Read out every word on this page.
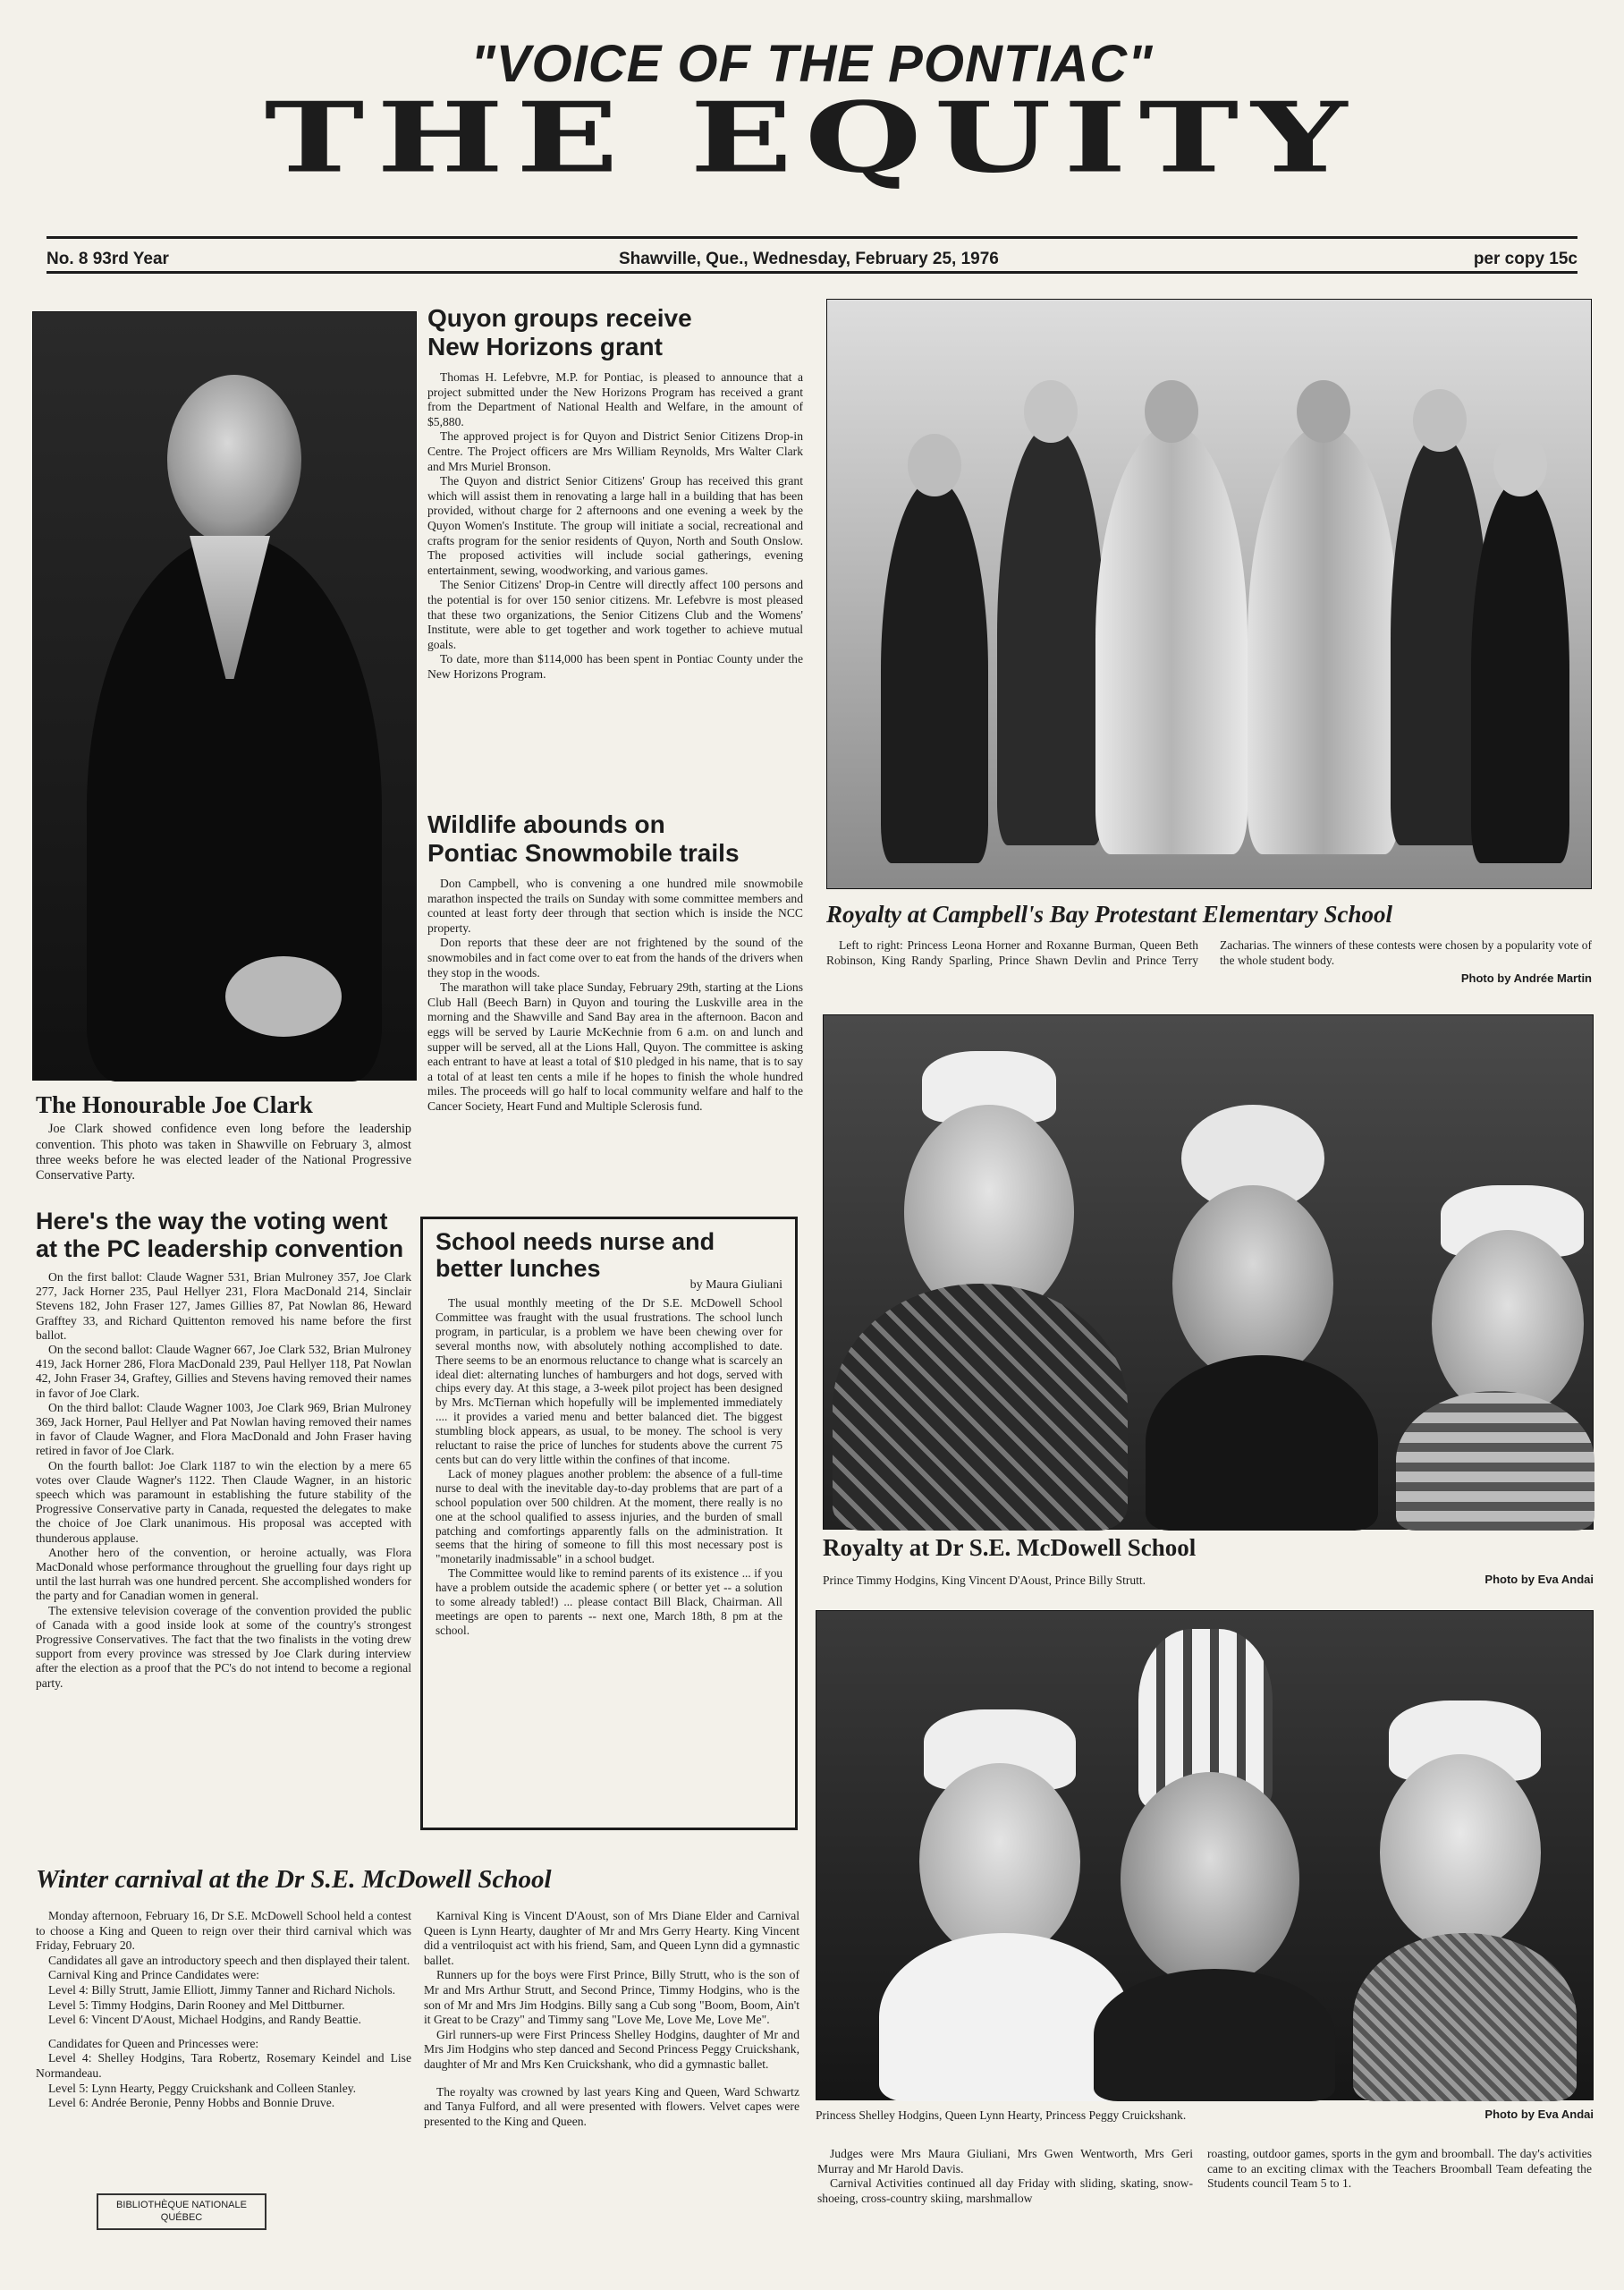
"VOICE OF THE PONTIAC"
THE EQUITY
No. 8 93rd Year	Shawville, Que., Wednesday, February 25, 1976	per copy 15c
The Honourable Joe Clark

Joe Clark showed confidence even long before the leadership convention. This photo was taken in Shawville on February 3, almost three weeks before he was elected leader of the National Progressive Conservative Party.

Here's the way the voting went at the PC leadership convention

On the first ballot: Claude Wagner 531, Brian Mulroney 357, Joe Clark 277, Jack Horner 235, Paul Hellyer 231, Flora MacDonald 214, Sinclair Stevens 182, John Fraser 127, James Gillies 87, Pat Nowlan 86, Heward Grafftey 33, and Richard Quittenton removed his name before the first ballot.

On the second ballot: Claude Wagner 667, Joe Clark 532, Brian Mulroney 419, Jack Horner 286, Flora MacDonald 239, Paul Hellyer 118, Pat Nowlan 42, John Fraser 34, Graftey, Gillies and Stevens having removed their names in favor of Joe Clark.

On the third ballot: Claude Wagner 1003, Joe Clark 969, Brian Mulroney 369, Jack Horner, Paul Hellyer and Pat Nowlan having removed their names in favor of Claude Wagner, and Flora MacDonald and John Fraser having retired in favor of Joe Clark.

On the fourth ballot: Joe Clark 1187 to win the election by a mere 65 votes over Claude Wagner's 1122. Then Claude Wagner, in an historic speech which was paramount in establishing the future stability of the Progressive Conservative party in Canada, requested the delegates to make the choice of Joe Clark unanimous. His proposal was accepted with thunderous applause.

Another hero of the convention, or heroine actually, was Flora MacDonald whose performance throughout the gruelling four days right up until the last hurrah was one hundred percent. She accomplished wonders for the party and for Canadian women in general.

The extensive television coverage of the convention provided the public of Canada with a good inside look at some of the country's strongest Progressive Conservatives. The fact that the two finalists in the voting drew support from every province was stressed by Joe Clark during interview after the election as a proof that the PC's do not intend to become a regional party.

Quyon groups receive New Horizons grant

Thomas H. Lefebvre, M.P. for Pontiac, is pleased to announce that a project submitted under the New Horizons Program has received a grant from the Department of National Health and Welfare, in the amount of $5,880.

The approved project is for Quyon and District Senior Citizens Drop-in Centre. The Project officers are Mrs William Reynolds, Mrs Walter Clark and Mrs Muriel Bronson.

The Quyon and district Senior Citizens' Group has received this grant which will assist them in renovating a large hall in a building that has been provided, without charge for 2 afternoons and one evening a week by the Quyon Women's Institute. The group will initiate a social, recreational and crafts program for the senior residents of Quyon, North and South Onslow. The proposed activities will include social gatherings, evening entertainment, sewing, woodworking, and various games.

The Senior Citizens' Drop-in Centre will directly affect 100 persons and the potential is for over 150 senior citizens. Mr. Lefebvre is most pleased that these two organizations, the Senior Citizens Club and the Womens' Institute, were able to get together and work together to achieve mutual goals.

To date, more than $114,000 has been spent in Pontiac County under the New Horizons Program.

Wildlife abounds on Pontiac Snowmobile trails

Don Campbell, who is convening a one hundred mile snowmobile marathon inspected the trails on Sunday with some committee members and counted at least forty deer through that section which is inside the NCC property.

Don reports that these deer are not frightened by the sound of the snowmobiles and in fact come over to eat from the hands of the drivers when they stop in the woods.

The marathon will take place Sunday, February 29th, starting at the Lions Club Hall (Beech Barn) in Quyon and touring the Luskville area in the morning and the Shawville and Sand Bay area in the afternoon. Bacon and eggs will be served by Laurie McKechnie from 6 a.m. on and lunch and supper will be served, all at the Lions Hall, Quyon. The committee is asking each entrant to have at least a total of $10 pledged in his name, that is to say a total of at least ten cents a mile if he hopes to finish the whole hundred miles. The proceeds will go half to local community welfare and half to the Cancer Society, Heart Fund and Multiple Sclerosis fund.

School needs nurse and better lunches
by Maura Giuliani

The usual monthly meeting of the Dr S.E. McDowell School Committee was fraught with the usual frustrations. The school lunch program, in particular, is a problem we have been chewing over for several months now, with absolutely nothing accomplished to date. There seems to be an enormous reluctance to change what is scarcely an ideal diet: alternating lunches of hamburgers and hot dogs, served with chips every day. At this stage, a 3-week pilot project has been designed by Mrs. McTiernan which hopefully will be implemented immediately .... it provides a varied menu and better balanced diet. The biggest stumbling block appears, as usual, to be money. The school is very reluctant to raise the price of lunches for students above the current 75 cents but can do very little within the confines of that income.

Lack of money plagues another problem: the absence of a full-time nurse to deal with the inevitable day-to-day problems that are part of a school population over 500 children. At the moment, there really is no one at the school qualified to assess injuries, and the burden of small patching and comfortings apparently falls on the administration. It seems that the hiring of someone to fill this most necessary post is "monetarily inadmissable" in a school budget.

The Committee would like to remind parents of its existence ... if you have a problem outside the academic sphere ( or better yet -- a solution to some already tabled!) ... please contact Bill Black, Chairman. All meetings are open to parents -- next one, March 18th, 8 pm at the school.

Royalty at Campbell's Bay Protestant Elementary School

Left to right: Princess Leona Horner and Roxanne Burman, Queen Beth Robinson, King Randy Sparling, Prince Shawn Devlin and Prince Terry Zacharias. The winners of these contests were chosen by a popularity vote of the whole student body.

Photo by Andrée Martin
Royalty at Dr S.E. McDowell School
Prince Timmy Hodgins, King Vincent D'Aoust, Prince Billy Strutt.	Photo by Eva Andai
Princess Shelley Hodgins, Queen Lynn Hearty, Princess Peggy Cruickshank.	Photo by Eva Andai
Winter carnival at the Dr S.E. McDowell School

Monday afternoon, February 16, Dr S.E. McDowell School held a contest to choose a King and Queen to reign over their third carnival which was Friday, February 20.

Candidates all gave an introductory speech and then displayed their talent.

Carnival King and Prince Candidates were:

Level 4: Billy Strutt, Jamie Elliott, Jimmy Tanner and Richard Nichols.

Level 5: Timmy Hodgins, Darin Rooney and Mel Dittburner.

Level 6: Vincent D'Aoust, Michael Hodgins, and Randy Beattie.

Candidates for Queen and Princesses were:

Level 4: Shelley Hodgins, Tara Robertz, Rosemary Keindel and Lise Normandeau.

Level 5: Lynn Hearty, Peggy Cruickshank and Colleen Stanley.

Level 6: Andrée Beronie, Penny Hobbs and Bonnie Druve.

BIBLIOTHÈQUE NATIONALE
QUÉBEC

Karnival King is Vincent D'Aoust, son of Mrs Diane Elder and Carnival Queen is Lynn Hearty, daughter of Mr and Mrs Gerry Hearty. King Vincent did a ventriloquist act with his friend, Sam, and Queen Lynn did a gymnastic ballet.

Runners up for the boys were First Prince, Billy Strutt, who is the son of Mr and Mrs Arthur Strutt, and Second Prince, Timmy Hodgins, who is the son of Mr and Mrs Jim Hodgins. Billy sang a Cub song "Boom, Boom, Ain't it Great to be Crazy" and Timmy sang "Love Me, Love Me, Love Me".

Girl runners-up were First Princess Shelley Hodgins, daughter of Mr and Mrs Jim Hodgins who step danced and Second Princess Peggy Cruickshank, daughter of Mr and Mrs Ken Cruickshank, who did a gymnastic ballet.

The royalty was crowned by last years King and Queen, Ward Schwartz and Tanya Fulford, and all were presented with flowers. Velvet capes were presented to the King and Queen.

Judges were Mrs Maura Giuliani, Mrs Gwen Wentworth, Mrs Geri Murray and Mr Harold Davis.

Carnival Activities continued all day Friday with sliding, skating, snow-shoeing, cross-country skiing, marshmallow

roasting, outdoor games, sports in the gym and broomball. The day's activities came to an exciting climax with the Teachers Broomball Team defeating the Students council Team 5 to 1.
